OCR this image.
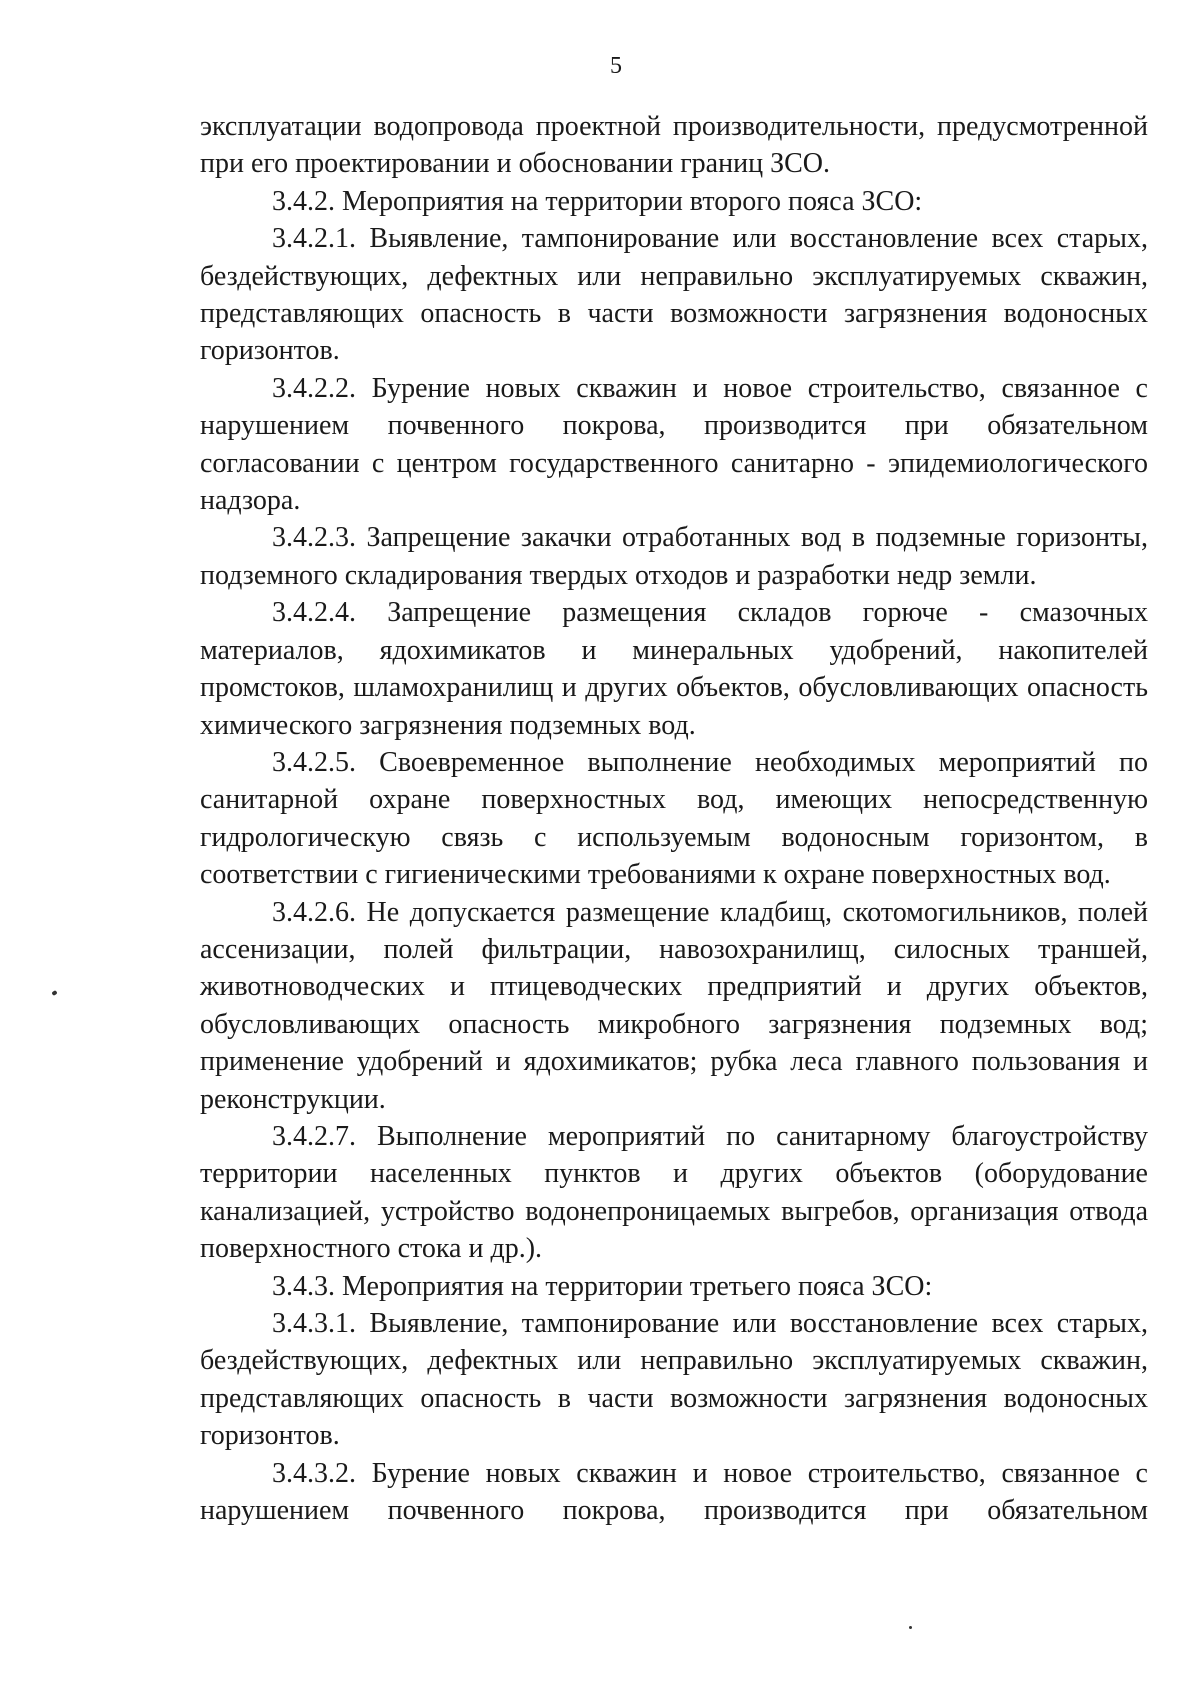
5

эксплуатации водопровода проектной производительности, предусмотренной при его проектировании и обосновании границ ЗСО.

3.4.2. Мероприятия на территории второго пояса ЗСО:

3.4.2.1. Выявление, тампонирование или восстановление всех старых, бездействующих, дефектных или неправильно эксплуатируемых скважин, представляющих опасность в части возможности загрязнения водоносных горизонтов.

3.4.2.2. Бурение новых скважин и новое строительство, связанное с нарушением почвенного покрова, производится при обязательном согласовании с центром государственного санитарно - эпидемиологического надзора.

3.4.2.3. Запрещение закачки отработанных вод в подземные горизонты, подземного складирования твердых отходов и разработки недр земли.

3.4.2.4. Запрещение размещения складов горюче - смазочных материалов, ядохимикатов и минеральных удобрений, накопителей промстоков, шламохранилищ и других объектов, обусловливающих опасность химического загрязнения подземных вод.

3.4.2.5. Своевременное выполнение необходимых мероприятий по санитарной охране поверхностных вод, имеющих непосредственную гидрологическую связь с используемым водоносным горизонтом, в соответствии с гигиеническими требованиями к охране поверхностных вод.

3.4.2.6. Не допускается размещение кладбищ, скотомогильников, полей ассенизации, полей фильтрации, навозохранилищ, силосных траншей, животноводческих и птицеводческих предприятий и других объектов, обусловливающих опасность микробного загрязнения подземных вод; применение удобрений и ядохимикатов; рубка леса главного пользования и реконструкции.

3.4.2.7. Выполнение мероприятий по санитарному благоустройству территории населенных пунктов и других объектов (оборудование канализацией, устройство водонепроницаемых выгребов, организация отвода поверхностного стока и др.).

3.4.3. Мероприятия на территории третьего пояса ЗСО:

3.4.3.1. Выявление, тампонирование или восстановление всех старых, бездействующих, дефектных или неправильно эксплуатируемых скважин, представляющих опасность в части возможности загрязнения водоносных горизонтов.

3.4.3.2. Бурение новых скважин и новое строительство, связанное с нарушением почвенного покрова, производится при обязательном
